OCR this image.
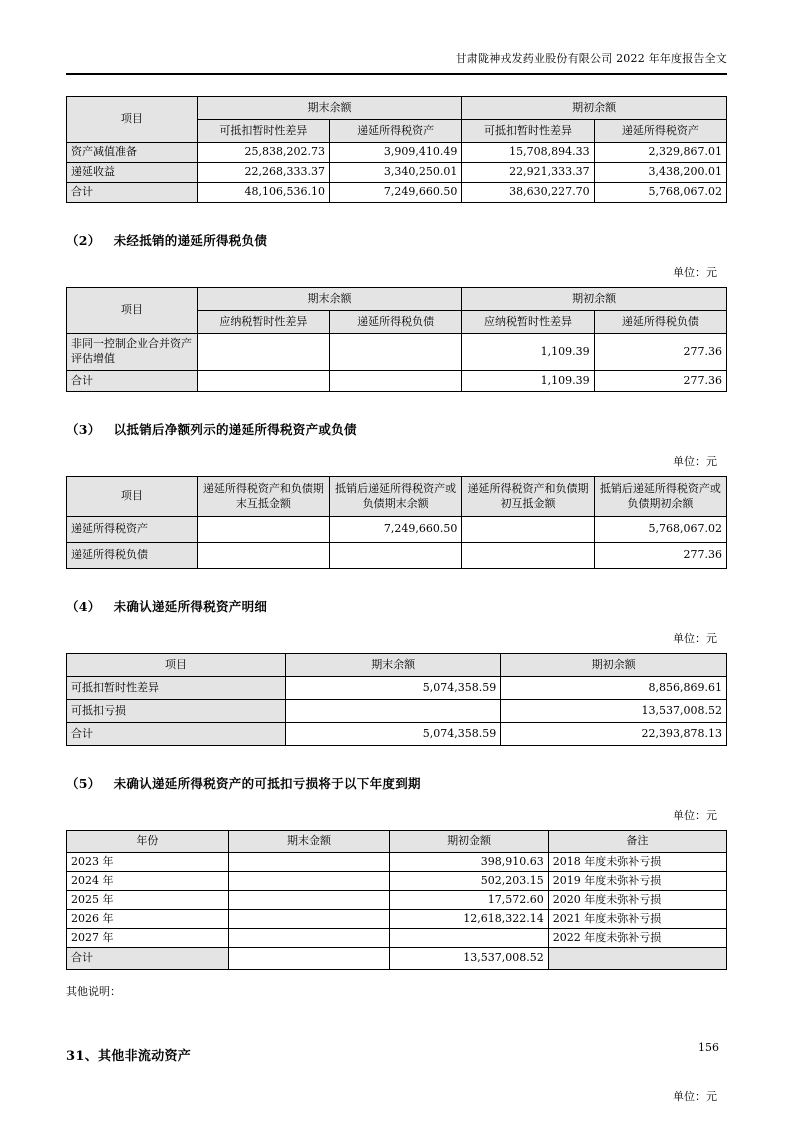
甘肃陇神戎发药业股份有限公司 2022 年年度报告全文
项目	期末余额		期初余额	
	可抵扣暂时性差异	递延所得税资产	可抵扣暂时性差异	递延所得税资产
资产减值准备	25,838,202.73	3,909,410.49	15,708,894.33	2,329,867.01
递延收益	22,268,333.37	3,340,250.01	22,921,333.37	3,438,200.01
合计	48,106,536.10	7,249,660.50	38,630,227.70	5,768,067.02
（2） 未经抵销的递延所得税负债
单位：元
项目	期末余额		期初余额	
	应纳税暂时性差异	递延所得税负债	应纳税暂时性差异	递延所得税负债
非同一控制企业合并资产评估增值			1,109.39	277.36
合计			1,109.39	277.36
（3） 以抵销后净额列示的递延所得税资产或负债
单位：元
项目	递延所得税资产和负债期末互抵金额	抵销后递延所得税资产或负债期末余额	递延所得税资产和负债期初互抵金额	抵销后递延所得税资产或负债期初余额
递延所得税资产		7,249,660.50		5,768,067.02
递延所得税负债				277.36
（4） 未确认递延所得税资产明细
单位：元
项目	期末余额	期初余额
可抵扣暂时性差异	5,074,358.59	8,856,869.61
可抵扣亏损		13,537,008.52
合计	5,074,358.59	22,393,878.13
（5） 未确认递延所得税资产的可抵扣亏损将于以下年度到期
单位：元
年份	期末金额	期初金额	备注
2023 年		398,910.63	2018 年度未弥补亏损
2024 年		502,203.15	2019 年度未弥补亏损
2025 年		17,572.60	2020 年度未弥补亏损
2026 年		12,618,322.14	2021 年度未弥补亏损
2027 年			2022 年度未弥补亏损
合计		13,537,008.52	
其他说明：
31、其他非流动资产
单位：元
156
